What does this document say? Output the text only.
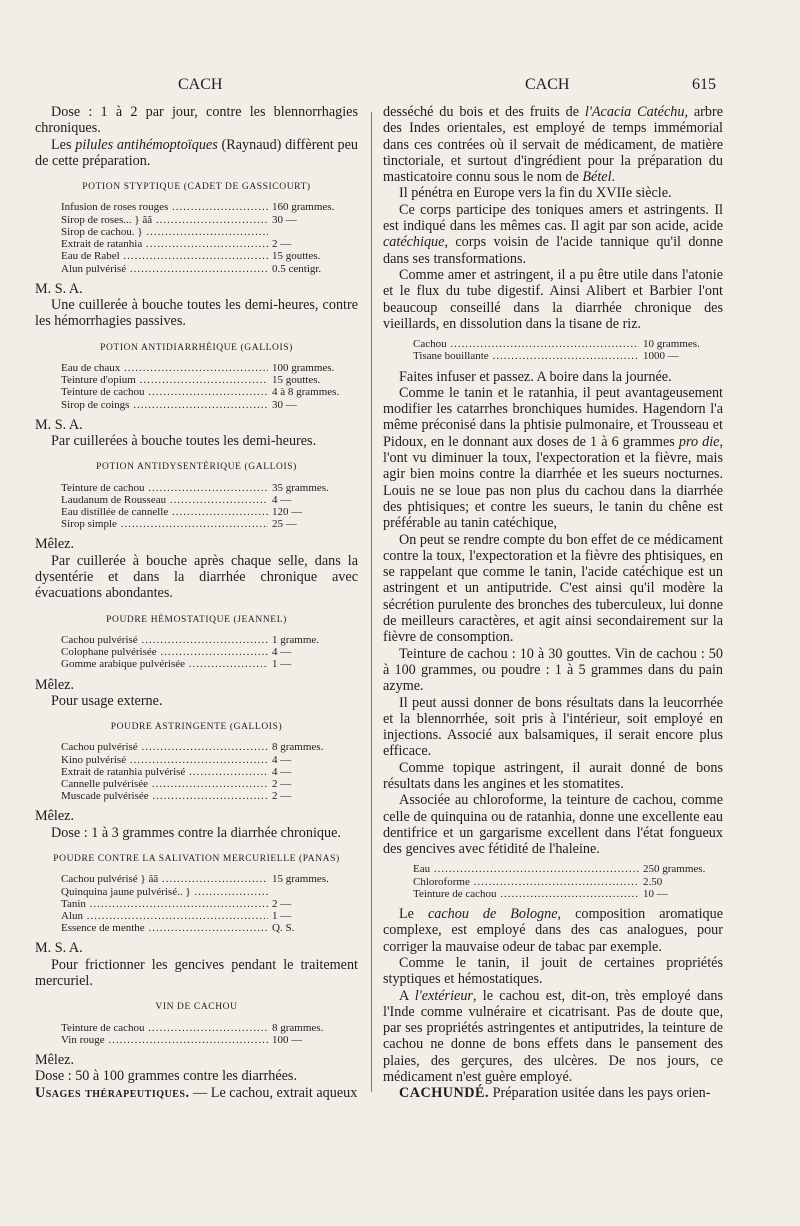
CACH	CACH	615

Dose : 1 à 2 par jour, contre les blennorrhagies chroniques.

Les pilules antihémoptoïques (Raynaud) diffèrent peu de cette préparation.

POTION STYPTIQUE (CADET DE GASSICOURT)
Infusion de roses rouges .....	160 grammes.
Sirop de roses... } ãã .....	30 —
Sirop de cachou. } .....
Extrait de ratanhia .....	2 —
Eau de Rabel .....	15 gouttes.
Alun pulvérisé .....	0.5 centigr.

M. S. A.

Une cuillerée à bouche toutes les demi-heures, contre les hémorrhagies passives.

POTION ANTIDIARRHÉIQUE (GALLOIS)
Eau de chaux .....	100 grammes.
Teinture d'opium .....	15 gouttes.
Teinture de cachou .....	4 à 8 grammes.
Sirop de coings .....	30 —

M. S. A.

Par cuillerées à bouche toutes les demi-heures.

POTION ANTIDYSENTÉRIQUE (GALLOIS)
Teinture de cachou .....	35 grammes.
Laudanum de Rousseau .....	4 —
Eau distillée de cannelle .....	120 —
Sirop simple .....	25 —

Mêlez.

Par cuillerée à bouche après chaque selle, dans la dysentérie et dans la diarrhée chronique avec évacuations abondantes.

POUDRE HÉMOSTATIQUE (JEANNEL)
Cachou pulvérisé .....	1 gramme.
Colophane pulvérisée .....	4 —
Gomme arabique pulvérisée .....	1 —

Mêlez.

Pour usage externe.

POUDRE ASTRINGENTE (GALLOIS)
Cachou pulvérisé .....	8 grammes.
Kino pulvérisé .....	4 —
Extrait de ratanhia pulvérisé .....	4 —
Cannelle pulvérisée .....	2 —
Muscade pulvérisée .....	2 —

Mêlez.

Dose : 1 à 3 grammes contre la diarrhée chronique.

POUDRE CONTRE LA SALIVATION MERCURIELLE (PANAS)
Cachou pulvérisé } ãã .....	15 grammes.
Quinquina jaune pulvérisé.. } .....
Tanin .....	2 —
Alun .....	1 —
Essence de menthe .....	Q. S.

M. S. A.

Pour frictionner les gencives pendant le traitement mercuriel.

VIN DE CACHOU
Teinture de cachou .....	8 grammes.
Vin rouge .....	100 —

Mêlez.

Dose : 50 à 100 grammes contre les diarrhées.

Usages thérapeutiques. — Le cachou, extrait aqueux

desséché du bois et des fruits de l'Acacia Catéchu, arbre des Indes orientales, est employé de temps immémorial dans ces contrées où il servait de médicament, de matière tinctoriale, et surtout d'ingrédient pour la préparation du masticatoire connu sous le nom de Bétel.

Il pénétra en Europe vers la fin du XVIIe siècle.

Ce corps participe des toniques amers et astringents. Il est indiqué dans les mêmes cas. Il agit par son acide, acide catéchique, corps voisin de l'acide tannique qu'il donne dans ses transformations.

Comme amer et astringent, il a pu être utile dans l'atonie et le flux du tube digestif. Ainsi Alibert et Barbier l'ont beaucoup conseillé dans la diarrhée chronique des vieillards, en dissolution dans la tisane de riz.

Cachou .....	10 grammes.
Tisane bouillante .....	1000 —

Faites infuser et passez. A boire dans la journée.

Comme le tanin et le ratanhia, il peut avantageusement modifier les catarrhes bronchiques humides. Hagendorn l'a même préconisé dans la phtisie pulmonaire, et Trousseau et Pidoux, en le donnant aux doses de 1 à 6 grammes pro die, l'ont vu diminuer la toux, l'expectoration et la fièvre, mais agir bien moins contre la diarrhée et les sueurs nocturnes. Louis ne se loue pas non plus du cachou dans la diarrhée des phtisiques; et contre les sueurs, le tanin du chêne est préférable au tanin catéchique,

On peut se rendre compte du bon effet de ce médicament contre la toux, l'expectoration et la fièvre des phtisiques, en se rappelant que comme le tanin, l'acide catéchique est un astringent et un antiputride. C'est ainsi qu'il modère la sécrétion purulente des bronches des tuberculeux, lui donne de meilleurs caractères, et agit ainsi secondairement sur la fièvre de consomption.

Teinture de cachou : 10 à 30 gouttes. Vin de cachou : 50 à 100 grammes, ou poudre : 1 à 5 grammes dans du pain azyme.

Il peut aussi donner de bons résultats dans la leucorrhée et la blennorrhée, soit pris à l'intérieur, soit employé en injections. Associé aux balsamiques, il serait encore plus efficace.

Comme topique astringent, il aurait donné de bons résultats dans les angines et les stomatites.

Associée au chloroforme, la teinture de cachou, comme celle de quinquina ou de ratanhia, donne une excellente eau dentifrice et un gargarisme excellent dans l'état fongueux des gencives avec fétidité de l'haleine.

Eau .....	250 grammes.
Chloroforme .....	2.50
Teinture de cachou .....	10 —

Le cachou de Bologne, composition aromatique complexe, est employé dans des cas analogues, pour corriger la mauvaise odeur de tabac par exemple.

Comme le tanin, il jouit de certaines propriétés styptiques et hémostatiques.

A l'extérieur, le cachou est, dit-on, très employé dans l'Inde comme vulnéraire et cicatrisant. Pas de doute que, par ses propriétés astringentes et antiputrides, la teinture de cachou ne donne de bons effets dans le pansement des plaies, des gerçures, des ulcères. De nos jours, ce médicament n'est guère employé.

CACHUNDÉ. Préparation usitée dans les pays orien-
